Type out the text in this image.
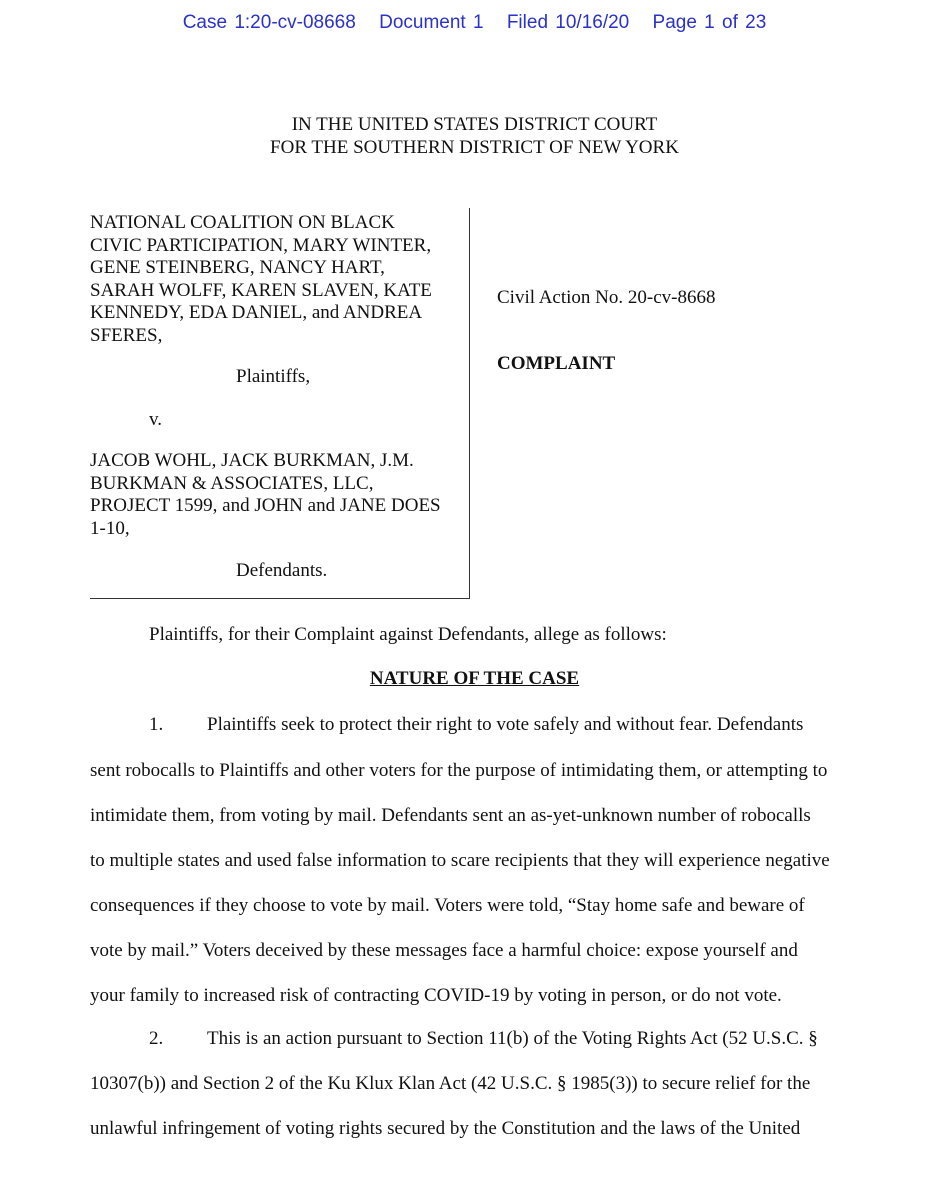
Case 1:20-cv-08668 Document 1 Filed 10/16/20 Page 1 of 23
IN THE UNITED STATES DISTRICT COURT
FOR THE SOUTHERN DISTRICT OF NEW YORK
NATIONAL COALITION ON BLACK
CIVIC PARTICIPATION, MARY WINTER,
GENE STEINBERG, NANCY HART,
SARAH WOLFF, KAREN SLAVEN, KATE
KENNEDY, EDA DANIEL, and ANDREA
SFERES,
Plaintiffs,
v.
JACOB WOHL, JACK BURKMAN, J.M.
BURKMAN & ASSOCIATES, LLC,
PROJECT 1599, and JOHN and JANE DOES
1-10,
Defendants.
Civil Action No. 20-cv-8668
COMPLAINT
Plaintiffs, for their Complaint against Defendants, allege as follows:
NATURE OF THE CASE
1. Plaintiffs seek to protect their right to vote safely and without fear. Defendants
sent robocalls to Plaintiffs and other voters for the purpose of intimidating them, or attempting to
intimidate them, from voting by mail. Defendants sent an as-yet-unknown number of robocalls
to multiple states and used false information to scare recipients that they will experience negative
consequences if they choose to vote by mail. Voters were told, “Stay home safe and beware of
vote by mail.” Voters deceived by these messages face a harmful choice: expose yourself and
your family to increased risk of contracting COVID-19 by voting in person, or do not vote.
2. This is an action pursuant to Section 11(b) of the Voting Rights Act (52 U.S.C. §
10307(b)) and Section 2 of the Ku Klux Klan Act (42 U.S.C. § 1985(3)) to secure relief for the
unlawful infringement of voting rights secured by the Constitution and the laws of the United
